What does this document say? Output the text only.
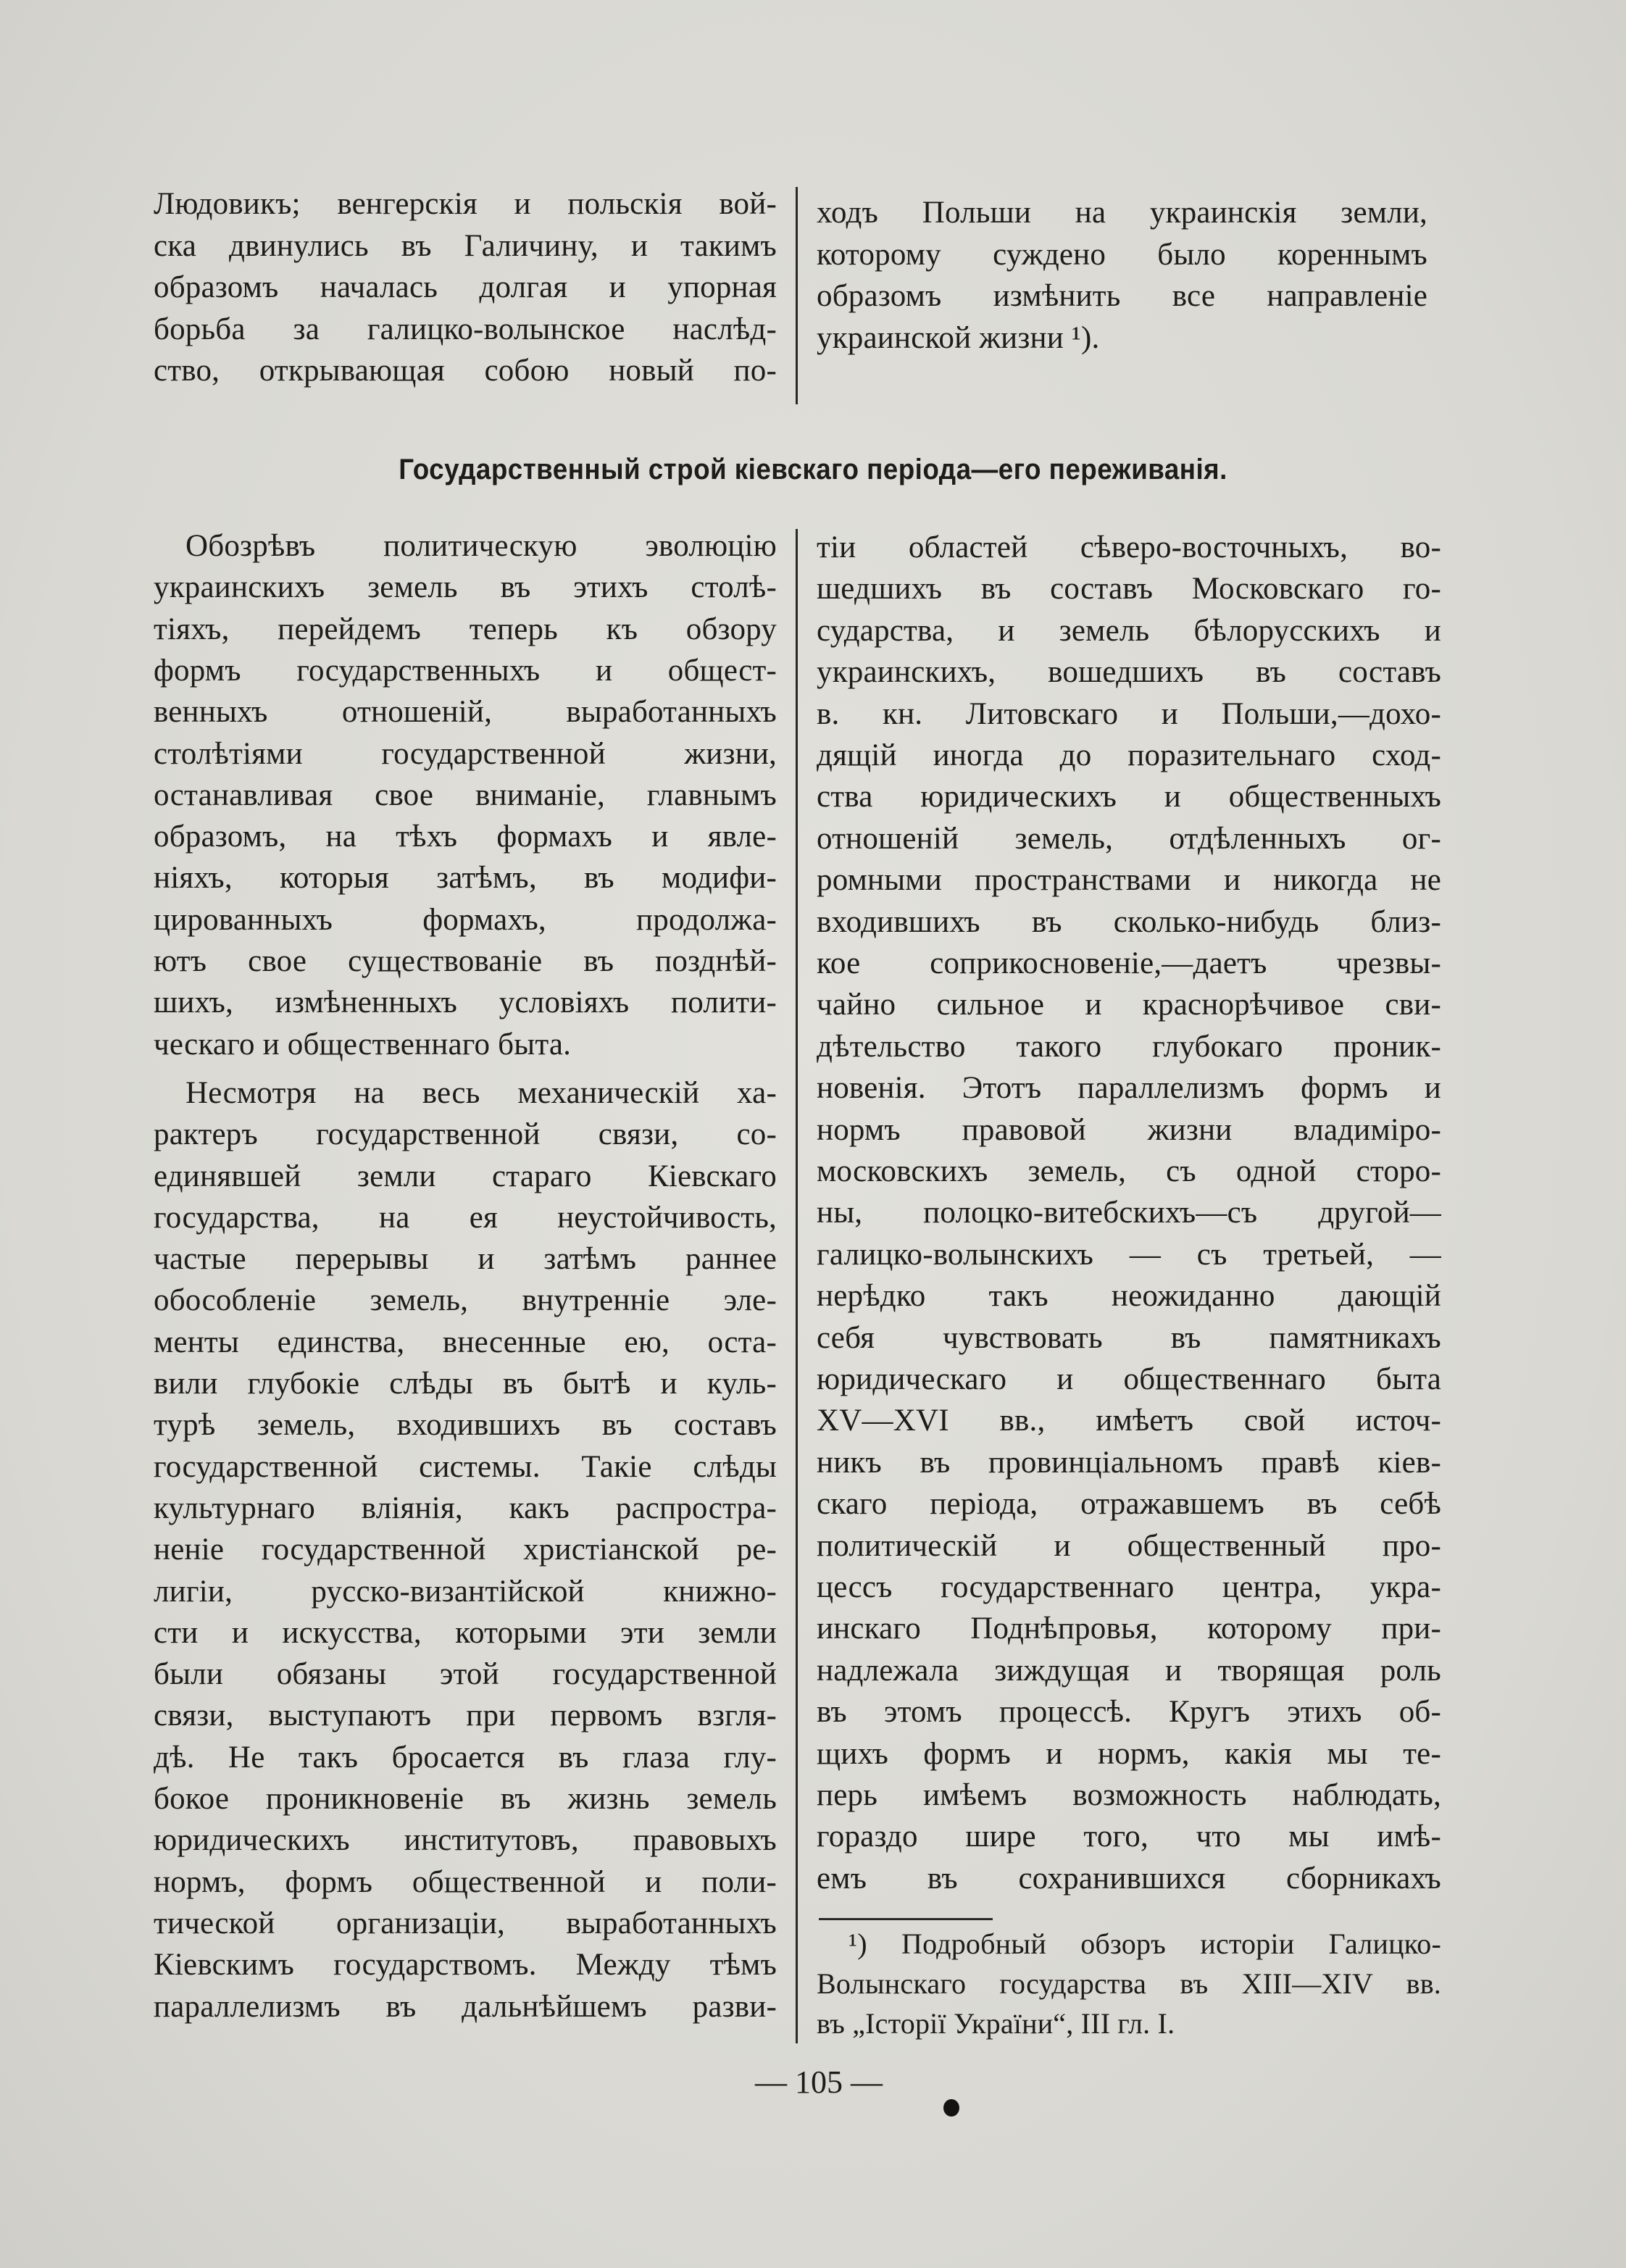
Людовикъ; венгерскія и польскія вой-
ска двинулись въ Галичину, и такимъ
образомъ началась долгая и упорная
борьба за галицко-волынское наслѣд-
ство, открывающая собою новый по-
ходъ Польши на украинскія земли,
которому суждено было кореннымъ
образомъ измѣнить все направленіе
украинской жизни ¹).
Государственный строй кіевскаго періода—его переживанія.
Обозрѣвъ политическую эволюцію
украинскихъ земель въ этихъ столѣ-
тіяхъ, перейдемъ теперь къ обзору
формъ государственныхъ и общест-
венныхъ отношеній, выработанныхъ
столѣтіями государственной жизни,
останавливая свое вниманіе, главнымъ
образомъ, на тѣхъ формахъ и явле-
ніяхъ, которыя затѣмъ, въ модифи-
цированныхъ формахъ, продолжа-
ютъ свое существованіе въ позднѣй-
шихъ, измѣненныхъ условіяхъ полити-
ческаго и общественнаго быта.
Несмотря на весь механическій ха-
рактеръ государственной связи, со-
единявшей земли стараго Кіевскаго
государства, на ея неустойчивость,
частые перерывы и затѣмъ раннее
обособленіе земель, внутренніе эле-
менты единства, внесенные ею, оста-
вили глубокіе слѣды въ бытѣ и куль-
турѣ земель, входившихъ въ составъ
государственной системы. Такіе слѣды
культурнаго вліянія, какъ распростра-
неніе государственной христіанской ре-
лигіи, русско-византійской книжно-
сти и искусства, которыми эти земли
были обязаны этой государственной
связи, выступаютъ при первомъ взгля-
дѣ. Не такъ бросается въ глаза глу-
бокое проникновеніе въ жизнь земель
юридическихъ институтовъ, правовыхъ
нормъ, формъ общественной и поли-
тической организаціи, выработанныхъ
Кіевскимъ государствомъ. Между тѣмъ
параллелизмъ въ дальнѣйшемъ разви-
тіи областей сѣверо-восточныхъ, во-
шедшихъ въ составъ Московскаго го-
сударства, и земель бѣлорусскихъ и
украинскихъ, вошедшихъ въ составъ
в. кн. Литовскаго и Польши,—дохо-
дящій иногда до поразительнаго сход-
ства юридическихъ и общественныхъ
отношеній земель, отдѣленныхъ ог-
ромными пространствами и никогда не
входившихъ въ сколько-нибудь близ-
кое соприкосновеніе,—даетъ чрезвы-
чайно сильное и краснорѣчивое сви-
дѣтельство такого глубокаго проник-
новенія. Этотъ параллелизмъ формъ и
нормъ правовой жизни владиміро-
московскихъ земель, съ одной сторо-
ны, полоцко-витебскихъ—съ другой—
галицко-волынскихъ — съ третьей, —
нерѣдко такъ неожиданно дающій
себя чувствовать въ памятникахъ
юридическаго и общественнаго быта
XV—XVI вв., имѣетъ свой источ-
никъ въ провинціальномъ правѣ кіев-
скаго періода, отражавшемъ въ себѣ
политическій и общественный про-
цессъ государственнаго центра, укра-
инскаго Поднѣпровья, которому при-
надлежала зиждущая и творящая роль
въ этомъ процессѣ. Кругъ этихъ об-
щихъ формъ и нормъ, какія мы те-
перь имѣемъ возможность наблюдать,
гораздо шире того, что мы имѣ-
емъ въ сохранившихся сборникахъ
¹) Подробный обзоръ исторіи Галицко-
Волынскаго государства въ XIII—XIV вв.
въ „Історії України“, III гл. I.
— 105 —
